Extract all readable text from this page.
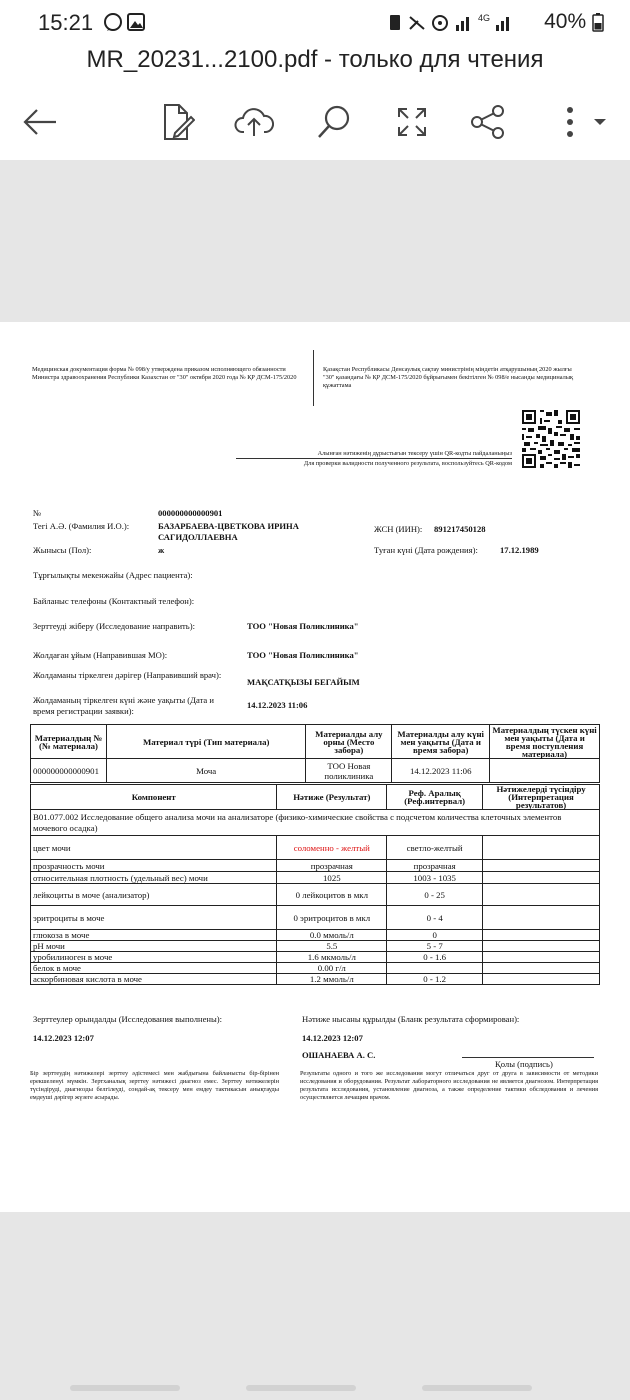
15:21	4G	40%
MR_20231...2100.pdf - только для чтения
Медицинская документация форма № 098/у утверждена приказом исполняющего обязанности Министра здравоохранения Республики Казахстан от "30" октября 2020 года № ҚР ДСМ-175/2020
Қазақстан Республикасы Денсаулық сақтау министрінің міндетін атқарушының 2020 жылғы "30" қазандағы № ҚР ДСМ-175/2020 бұйрығымен бекітілген № 098/е нысанды медициналық құжаттама
Алынған нәтиженің дұрыстығын тексеру үшін QR-кодты пайдаланыңыз
Для проверки валидности полученного результата, воспользуйтесь QR-кодом
№	000000000000901
Тегі А.Ә. (Фамилия И.О.):	БАЗАРБАЕВА-ЦВЕТКОВА ИРИНА САГИДОЛЛАЕВНА
ЖСН (ИИН): 891217450128
Жынысы (Пол):	ж	Туған күні (Дата рождения):	17.12.1989
Тұрғылықты мекенжайы (Адрес пациента):
Байланыс телефоны (Контактный телефон):
Зерттеуді жіберу (Исследование направить):	ТОО "Новая Поликлиника"
Жолдаған ұйым (Направившая МО):	ТОО "Новая Поликлиника"
Жолдаманы тіркелген дәрігер (Направивший врач):
МАҚСАТҚЫЗЫ БЕГАЙЫМ
Жолдаманың тіркелген күні және уақыты (Дата и время регистрации заявки):
14.12.2023 11:06
Материалдың № (№ материала)	Материал түрі (Тип материала)	Материалды алу орны (Место забора)	Материалды алу күні мен уақыты (Дата и время забора)	Материалдың түскен күні мен уақыты (Дата и время поступления материала)
000000000000901	Моча	ТОО Новая поликлиника	14.12.2023 11:06	
Компонент	Нәтиже (Результат)	Реф. Аралық (Реф.интервал)	Нәтижелерді түсіндіру (Интерпретация результатов)
B01.077.002 Исследование общего анализа мочи на анализаторе (физико-химические свойства с подсчетом количества клеточных элементов мочевого осадка)			
цвет мочи	соломенно - желтый	светло-желтый	
прозрачность мочи	прозрачная	прозрачная	
относительная плотность (удельный вес) мочи	1025	1003 - 1035	
лейкоциты в моче (анализатор)	0 лейкоцитов в мкл	0 - 25	
эритроциты в моче	0 эритроцитов в мкл	0 - 4	
глюкоза в моче	0.0 ммоль/л	0	
pH мочи	5.5	5 - 7	
уробилиноген в моче	1.6 мкмоль/л	0 - 1.6	
белок в моче	0.00 г/л		
аскорбиновая кислота в моче	1.2 ммоль/л	0 - 1.2	
Зерттеулер орындалды (Исследования выполнены):
14.12.2023 12:07
Нәтиже нысаны құрылды (Бланк результата сформирован):
14.12.2023 12:07
ОШАНАЕВА А. С.
Қолы (подпись)
Бір зерттеудің нәтижелері зерттеу әдістемесі мен жабдығына байланысты бір-бірінен ерекшеленуі мүмкін. Зертханалық зерттеу нәтижесі диагноз емес. Зерттеу нәтижелерін түсіндіруді, диагнозды белгілеуді, сондай-ақ тексеру мен емдеу тактикасын анықтауды емдеуші дәрігер жүзеге асырады.
Результаты одного и того же исследования могут отличаться друг от друга в зависимости от методики исследования и оборудования. Результат лабораторного исследования не является диагнозом. Интерпретация результата исследования, установление диагноза, а также определение тактики обследования и лечения осуществляется лечащим врачом.
